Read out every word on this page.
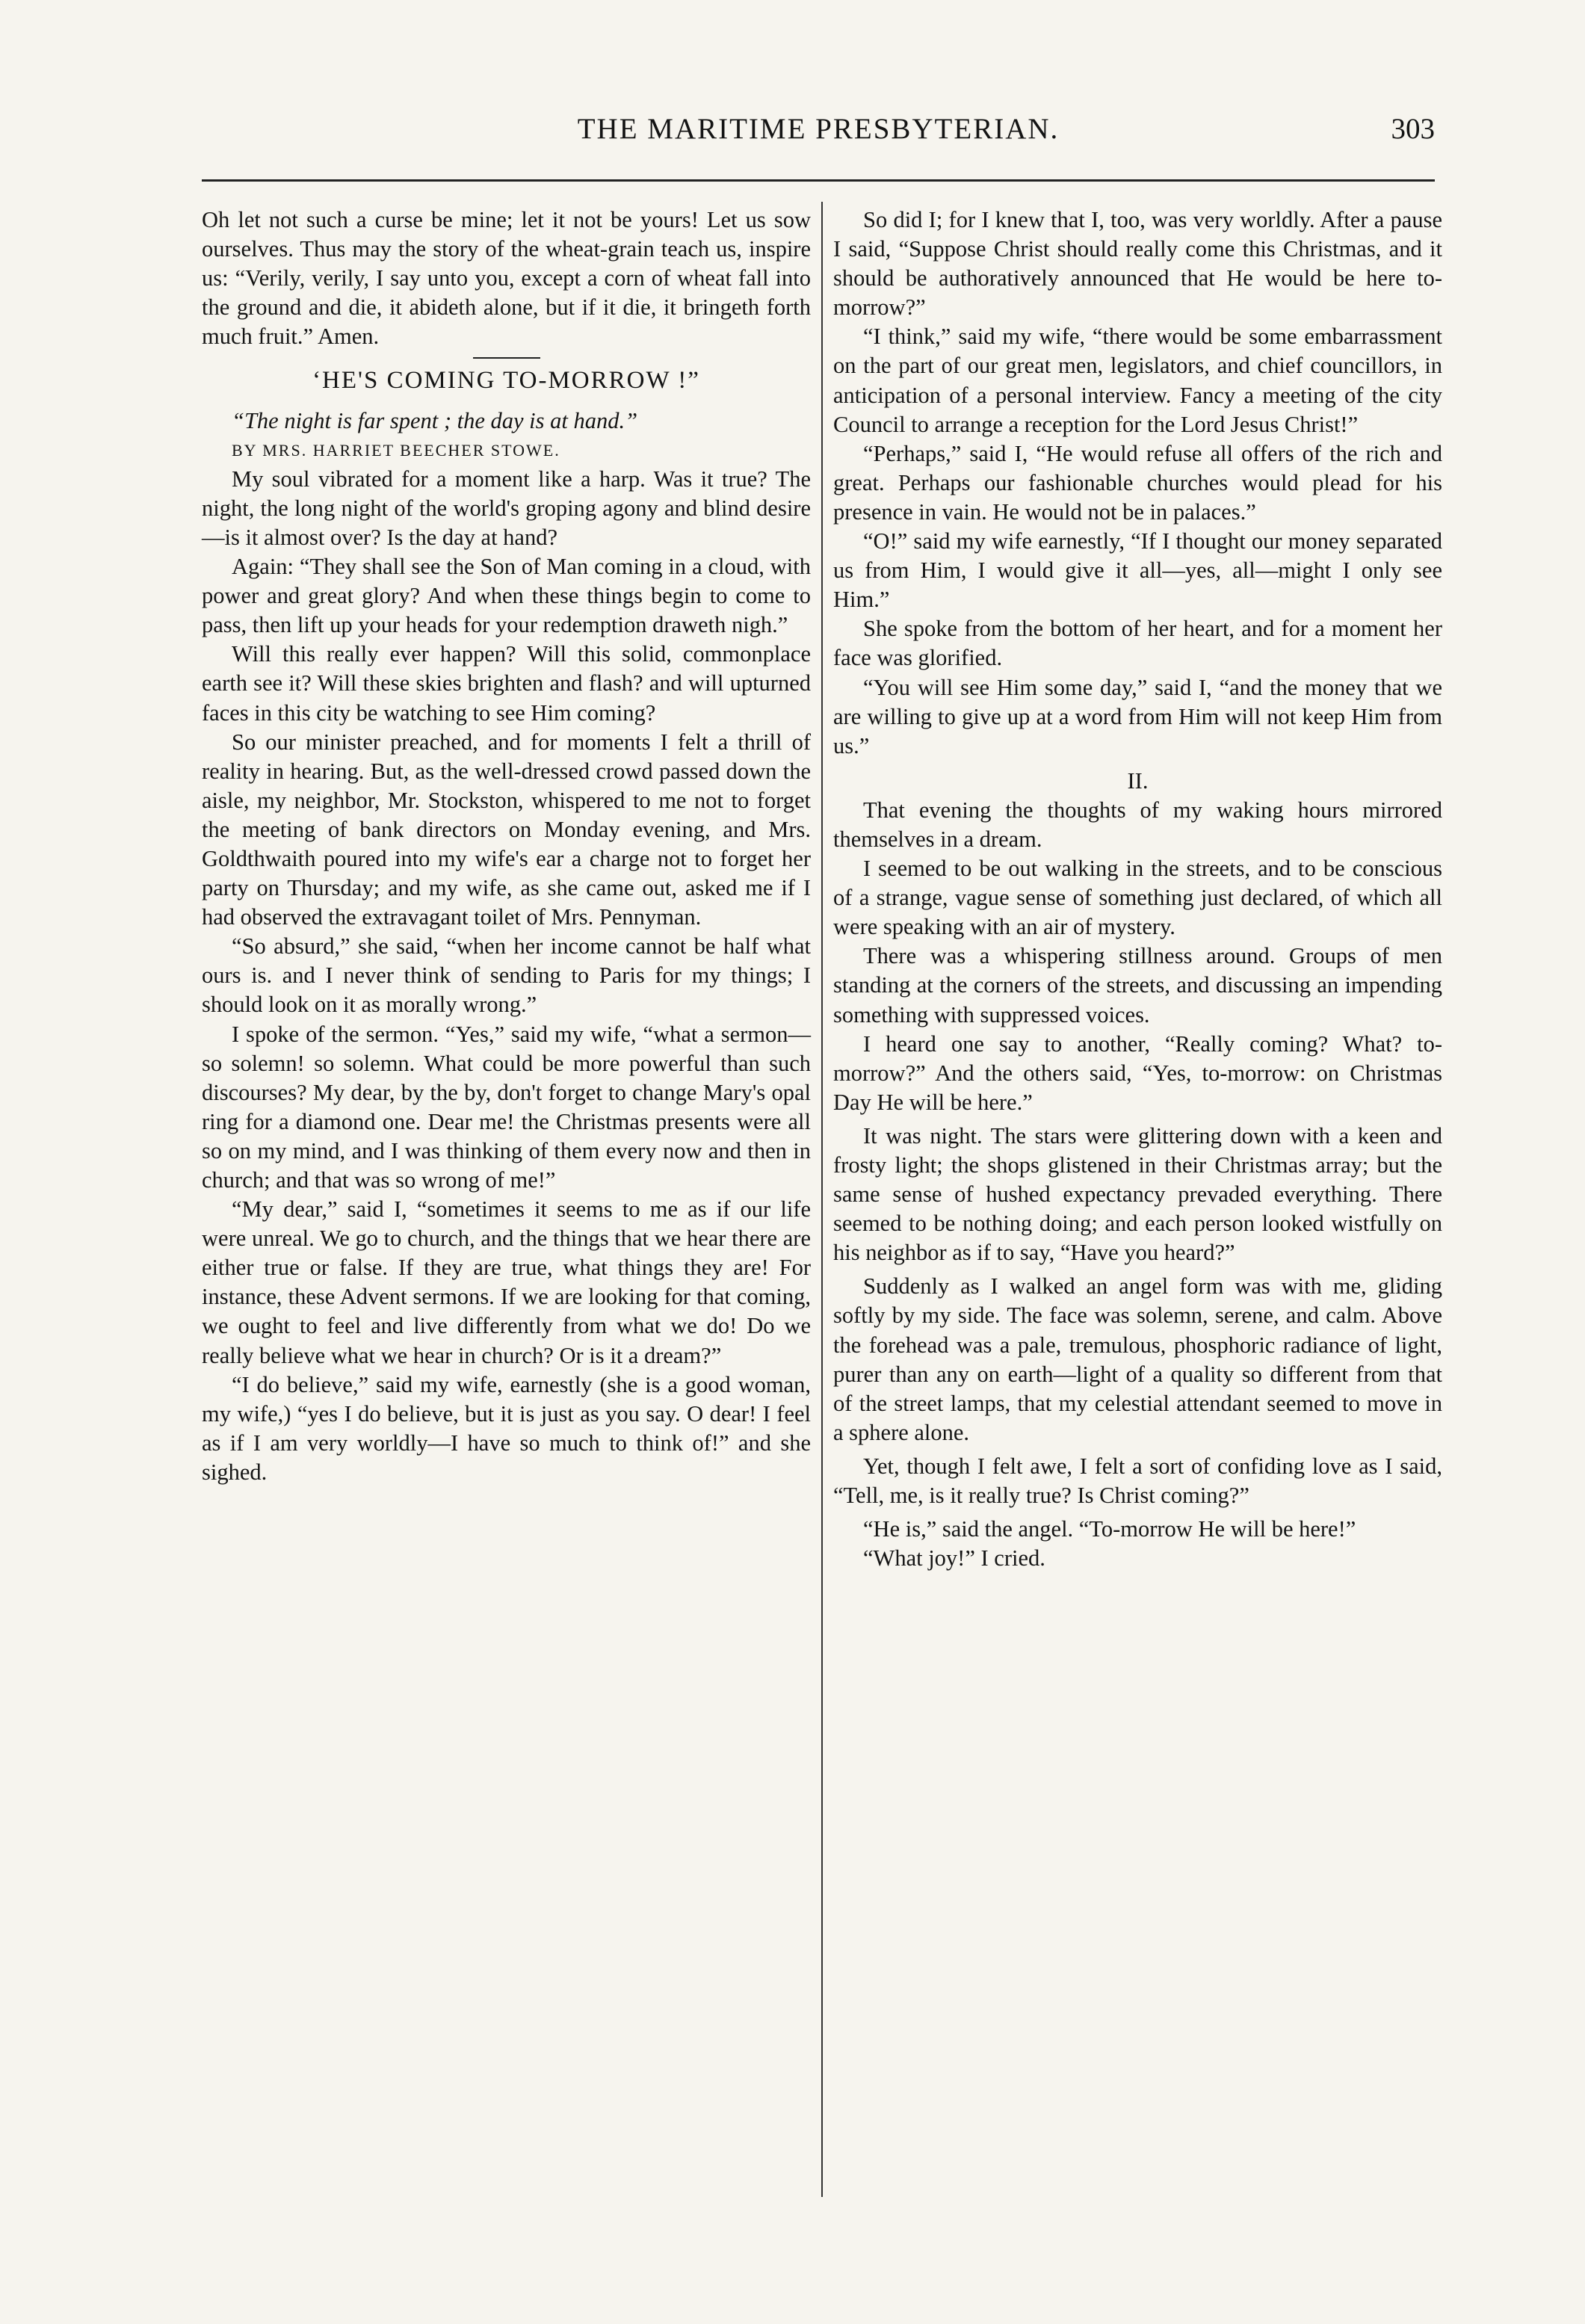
THE MARITIME PRESBYTERIAN.	303

Oh let not such a curse be mine; let it not be yours! Let us sow ourselves. Thus may the story of the wheat-grain teach us, inspire us: “Verily, verily, I say unto you, except a corn of wheat fall into the ground and die, it abideth alone, but if it die, it bringeth forth much fruit.” Amen.

‘HE'S COMING TO-MORROW !”

“The night is far spent ; the day is at hand.”

BY MRS. HARRIET BEECHER STOWE.

My soul vibrated for a moment like a harp. Was it true? The night, the long night of the world's groping agony and blind desire—is it almost over? Is the day at hand?

Again: “They shall see the Son of Man coming in a cloud, with power and great glory? And when these things begin to come to pass, then lift up your heads for your redemption draweth nigh.”

Will this really ever happen? Will this solid, commonplace earth see it? Will these skies brighten and flash? and will upturned faces in this city be watching to see Him coming?

So our minister preached, and for moments I felt a thrill of reality in hearing. But, as the well-dressed crowd passed down the aisle, my neighbor, Mr. Stockston, whispered to me not to forget the meeting of bank directors on Monday evening, and Mrs. Goldthwaith poured into my wife's ear a charge not to forget her party on Thursday; and my wife, as she came out, asked me if I had observed the extravagant toilet of Mrs. Pennyman.

“So absurd,” she said, “when her income cannot be half what ours is. and I never think of sending to Paris for my things; I should look on it as morally wrong.”

I spoke of the sermon. “Yes,” said my wife, “what a sermon—so solemn! so solemn. What could be more powerful than such discourses? My dear, by the by, don't forget to change Mary's opal ring for a diamond one. Dear me! the Christmas presents were all so on my mind, and I was thinking of them every now and then in church; and that was so wrong of me!”

“My dear,” said I, “sometimes it seems to me as if our life were unreal. We go to church, and the things that we hear there are either true or false. If they are true, what things they are! For instance, these Advent sermons. If we are looking for that coming, we ought to feel and live differently from what we do! Do we really believe what we hear in church? Or is it a dream?”

“I do believe,” said my wife, earnestly (she is a good woman, my wife,) “yes I do believe, but it is just as you say. O dear! I feel as if I am very worldly—I have so much to think of!” and she sighed.

So did I; for I knew that I, too, was very worldly. After a pause I said, “Suppose Christ should really come this Christmas, and it should be authoratively announced that He would be here to-morrow?”

“I think,” said my wife, “there would be some embarrassment on the part of our great men, legislators, and chief councillors, in anticipation of a personal interview. Fancy a meeting of the city Council to arrange a reception for the Lord Jesus Christ!”

“Perhaps,” said I, “He would refuse all offers of the rich and great. Perhaps our fashionable churches would plead for his presence in vain. He would not be in palaces.”

“O!” said my wife earnestly, “If I thought our money separated us from Him, I would give it all—yes, all—might I only see Him.”

She spoke from the bottom of her heart, and for a moment her face was glorified.

“You will see Him some day,” said I, “and the money that we are willing to give up at a word from Him will not keep Him from us.”

II.

That evening the thoughts of my waking hours mirrored themselves in a dream.

I seemed to be out walking in the streets, and to be conscious of a strange, vague sense of something just declared, of which all were speaking with an air of mystery.

There was a whispering stillness around. Groups of men standing at the corners of the streets, and discussing an impending something with suppressed voices.

I heard one say to another, “Really coming? What? to-morrow?” And the others said, “Yes, to-morrow: on Christmas Day He will be here.”

It was night. The stars were glittering down with a keen and frosty light; the shops glistened in their Christmas array; but the same sense of hushed expectancy prevaded everything. There seemed to be nothing doing; and each person looked wistfully on his neighbor as if to say, “Have you heard?”

Suddenly as I walked an angel form was with me, gliding softly by my side. The face was solemn, serene, and calm. Above the forehead was a pale, tremulous, phosphoric radiance of light, purer than any on earth—light of a quality so different from that of the street lamps, that my celestial attendant seemed to move in a sphere alone.

Yet, though I felt awe, I felt a sort of confiding love as I said, “Tell, me, is it really true? Is Christ coming?”

“He is,” said the angel. “To-morrow He will be here!”

“What joy!” I cried.
